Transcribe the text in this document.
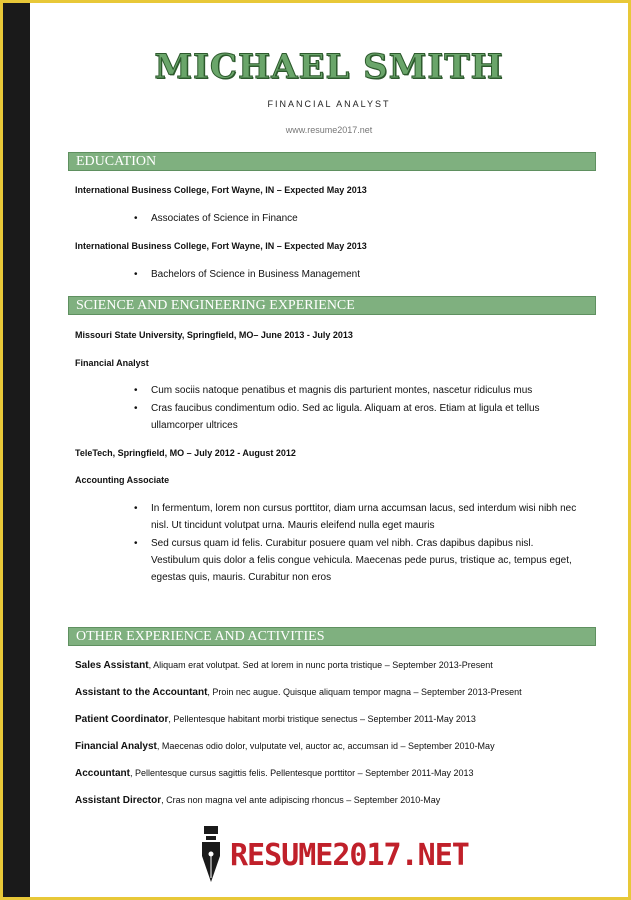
MICHAEL SMITH
FINANCIAL ANALYST
www.resume2017.net
EDUCATION
International Business College, Fort Wayne, IN – Expected May 2013
• Associates of Science in Finance
International Business College, Fort Wayne, IN – Expected May 2013
• Bachelors of Science in Business Management
SCIENCE AND ENGINEERING EXPERIENCE
Missouri State University, Springfield, MO– June 2013 - July 2013
Financial Analyst
• Cum sociis natoque penatibus et magnis dis parturient montes, nascetur ridiculus mus
• Cras faucibus condimentum odio. Sed ac ligula. Aliquam at eros. Etiam at ligula et tellus ullamcorper ultrices
TeleTech, Springfield, MO – July 2012 - August 2012
Accounting Associate
• In fermentum, lorem non cursus porttitor, diam urna accumsan lacus, sed interdum wisi nibh nec nisl. Ut tincidunt volutpat urna. Mauris eleifend nulla eget mauris
• Sed cursus quam id felis. Curabitur posuere quam vel nibh. Cras dapibus dapibus nisl. Vestibulum quis dolor a felis congue vehicula. Maecenas pede purus, tristique ac, tempus eget, egestas quis, mauris. Curabitur non eros
OTHER EXPERIENCE AND ACTIVITIES
Sales Assistant, Aliquam erat volutpat. Sed at lorem in nunc porta tristique – September 2013-Present
Assistant to the Accountant, Proin nec augue. Quisque aliquam tempor magna – September 2013-Present
Patient Coordinator, Pellentesque habitant morbi tristique senectus – September 2011-May 2013
Financial Analyst, Maecenas odio dolor, vulputate vel, auctor ac, accumsan id – September 2010-May
Accountant, Pellentesque cursus sagittis felis. Pellentesque porttitor – September 2011-May 2013
Assistant Director, Cras non magna vel ante adipiscing rhoncus – September 2010-May
RESUME2017.NET
